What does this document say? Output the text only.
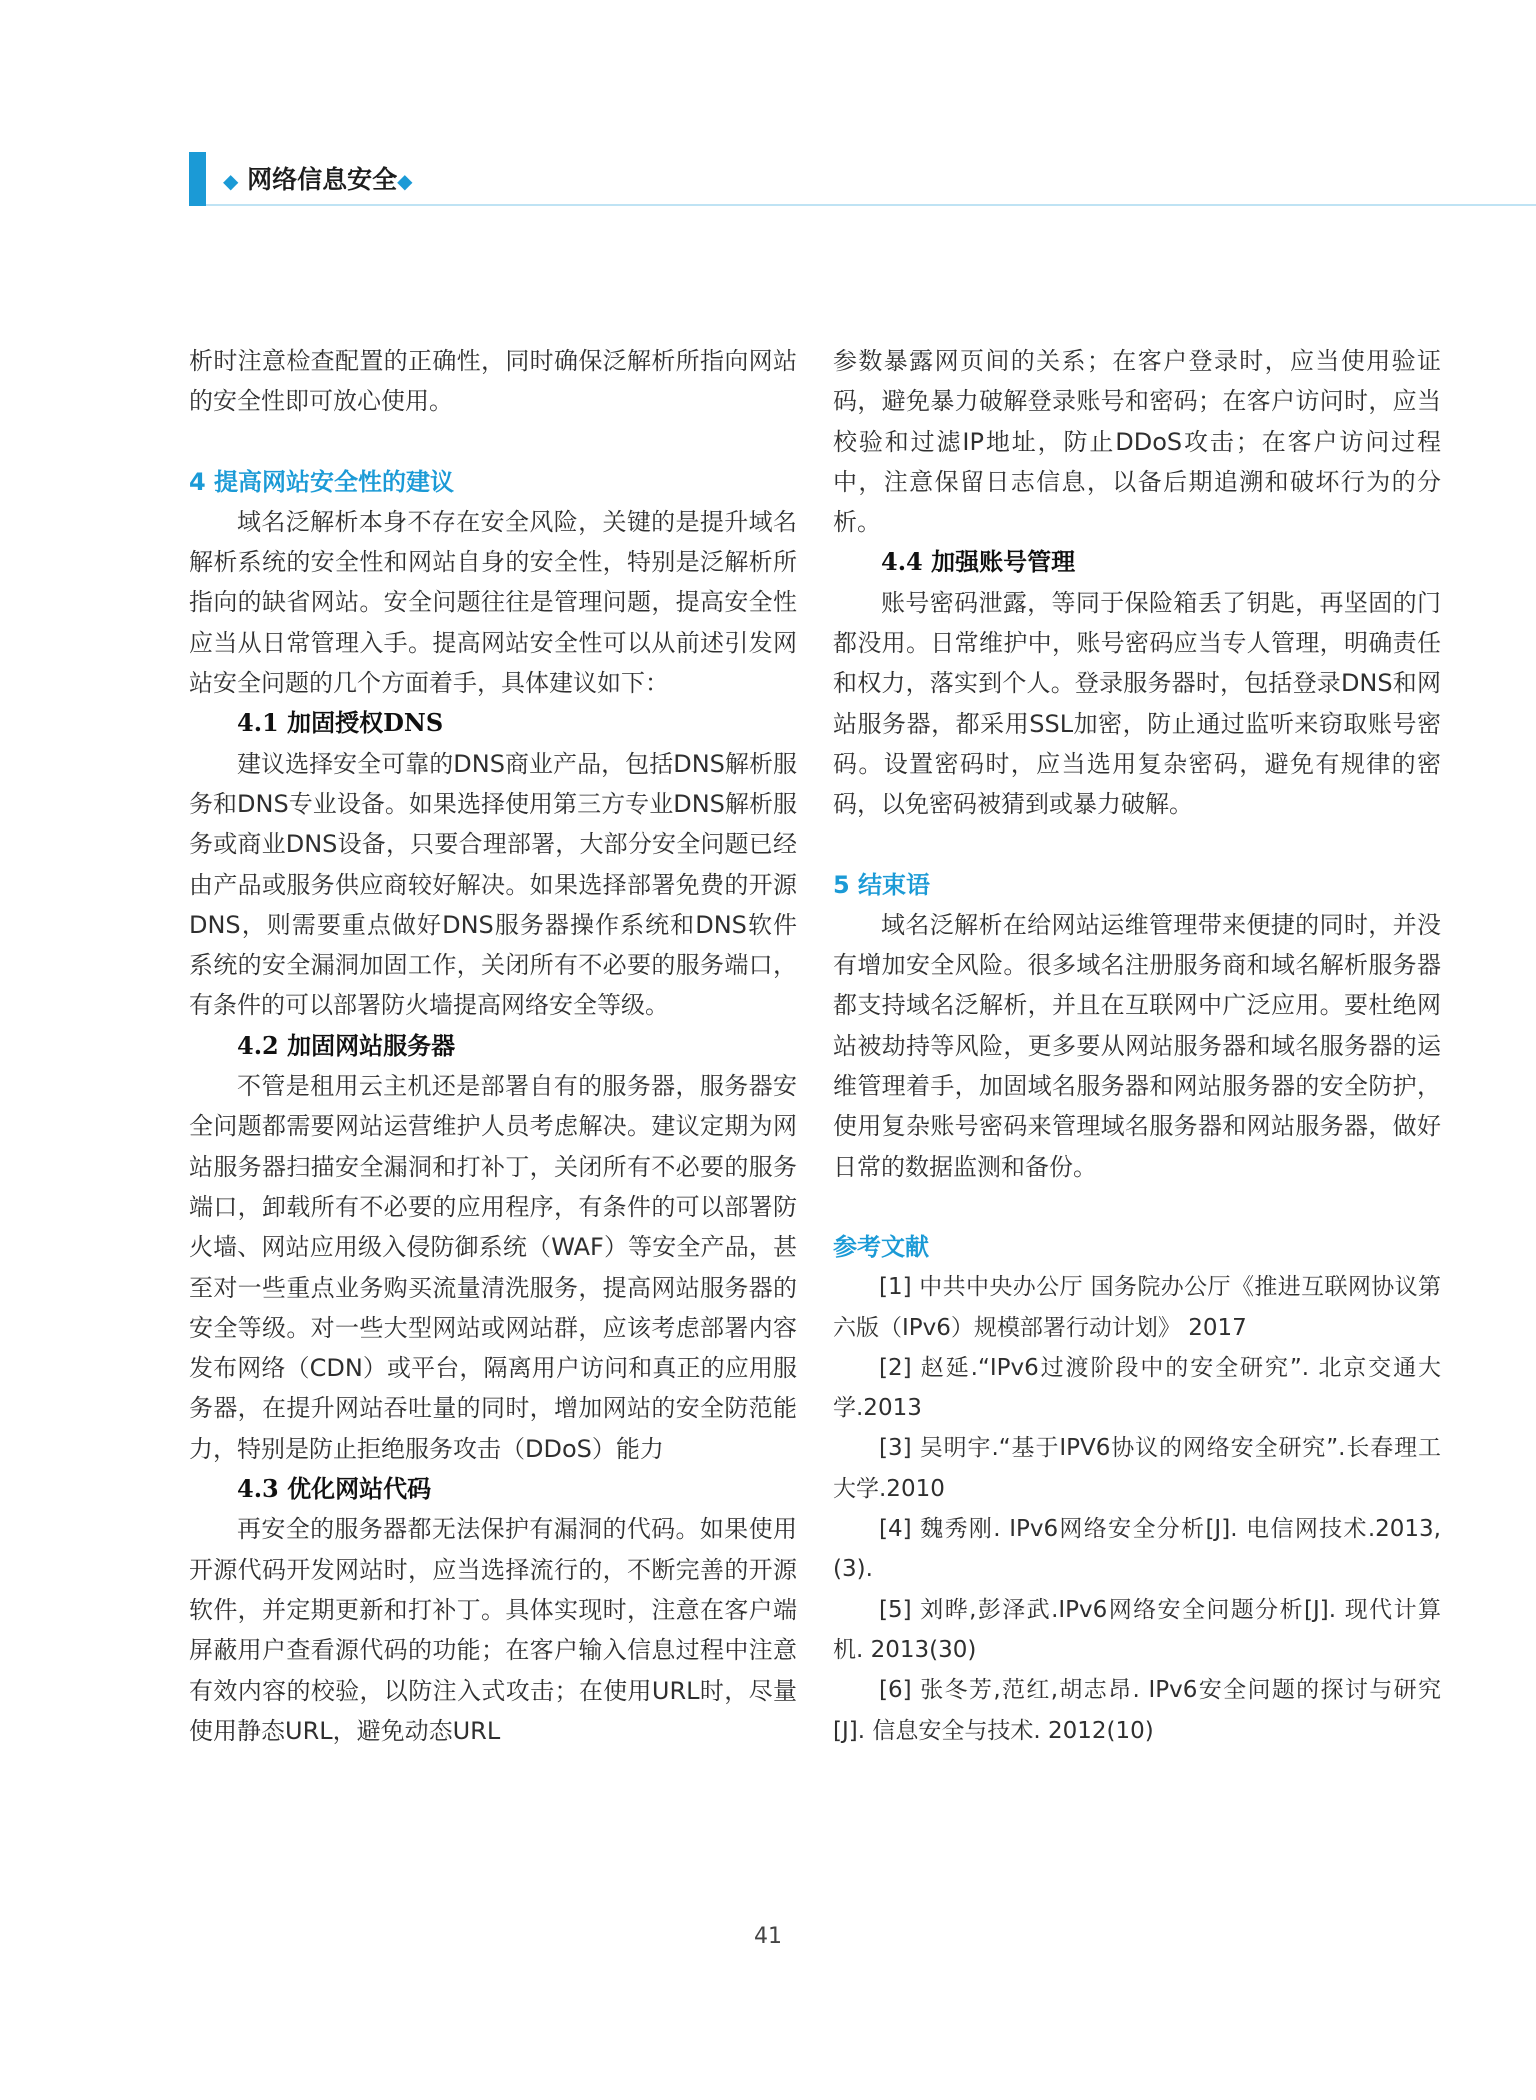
◆ 网络信息安全◆

析时注意检查配置的正确性，同时确保泛解析所指向网站的安全性即可放心使用。

4 提高网站安全性的建议

域名泛解析本身不存在安全风险，关键的是提升域名解析系统的安全性和网站自身的安全性，特别是泛解析所指向的缺省网站。安全问题往往是管理问题，提高安全性应当从日常管理入手。提高网站安全性可以从前述引发网站安全问题的几个方面着手，具体建议如下：

4.1 加固授权DNS

建议选择安全可靠的DNS商业产品，包括DNS解析服务和DNS专业设备。如果选择使用第三方专业DNS解析服务或商业DNS设备，只要合理部署，大部分安全问题已经由产品或服务供应商较好解决。如果选择部署免费的开源DNS，则需要重点做好DNS服务器操作系统和DNS软件系统的安全漏洞加固工作，关闭所有不必要的服务端口，有条件的可以部署防火墙提高网络安全等级。

4.2 加固网站服务器

不管是租用云主机还是部署自有的服务器，服务器安全问题都需要网站运营维护人员考虑解决。建议定期为网站服务器扫描安全漏洞和打补丁，关闭所有不必要的服务端口，卸载所有不必要的应用程序，有条件的可以部署防火墙、网站应用级入侵防御系统（WAF）等安全产品，甚至对一些重点业务购买流量清洗服务，提高网站服务器的安全等级。对一些大型网站或网站群，应该考虑部署内容发布网络（CDN）或平台，隔离用户访问和真正的应用服务器，在提升网站吞吐量的同时，增加网站的安全防范能力，特别是防止拒绝服务攻击（DDoS）能力

4.3 优化网站代码

再安全的服务器都无法保护有漏洞的代码。如果使用开源代码开发网站时，应当选择流行的，不断完善的开源软件，并定期更新和打补丁。具体实现时，注意在客户端屏蔽用户查看源代码的功能；在客户输入信息过程中注意有效内容的校验，以防注入式攻击；在使用URL时，尽量使用静态URL，避免动态URL

参数暴露网页间的关系；在客户登录时，应当使用验证码，避免暴力破解登录账号和密码；在客户访问时，应当校验和过滤IP地址，防止DDoS攻击；在客户访问过程中，注意保留日志信息，以备后期追溯和破坏行为的分析。

4.4 加强账号管理

账号密码泄露，等同于保险箱丢了钥匙，再坚固的门都没用。日常维护中，账号密码应当专人管理，明确责任和权力，落实到个人。登录服务器时，包括登录DNS和网站服务器，都采用SSL加密，防止通过监听来窃取账号密码。设置密码时，应当选用复杂密码，避免有规律的密码，以免密码被猜到或暴力破解。

5 结束语

域名泛解析在给网站运维管理带来便捷的同时，并没有增加安全风险。很多域名注册服务商和域名解析服务器都支持域名泛解析，并且在互联网中广泛应用。要杜绝网站被劫持等风险，更多要从网站服务器和域名服务器的运维管理着手，加固域名服务器和网站服务器的安全防护，使用复杂账号密码来管理域名服务器和网站服务器，做好日常的数据监测和备份。

参考文献

[1] 中共中央办公厅 国务院办公厅《推进互联网协议第六版（IPv6）规模部署行动计划》 2017

[2] 赵延.“IPv6过渡阶段中的安全研究”. 北京交通大学.2013

[3] 吴明宇.“基于IPV6协议的网络安全研究”.长春理工大学.2010

[4] 魏秀刚. IPv6网络安全分析[J]. 电信网技术.2013,(3).

[5] 刘晔,彭泽武.IPv6网络安全问题分析[J]. 现代计算机. 2013(30)

[6] 张冬芳,范红,胡志昂. IPv6安全问题的探讨与研究[J]. 信息安全与技术. 2012(10)

41
